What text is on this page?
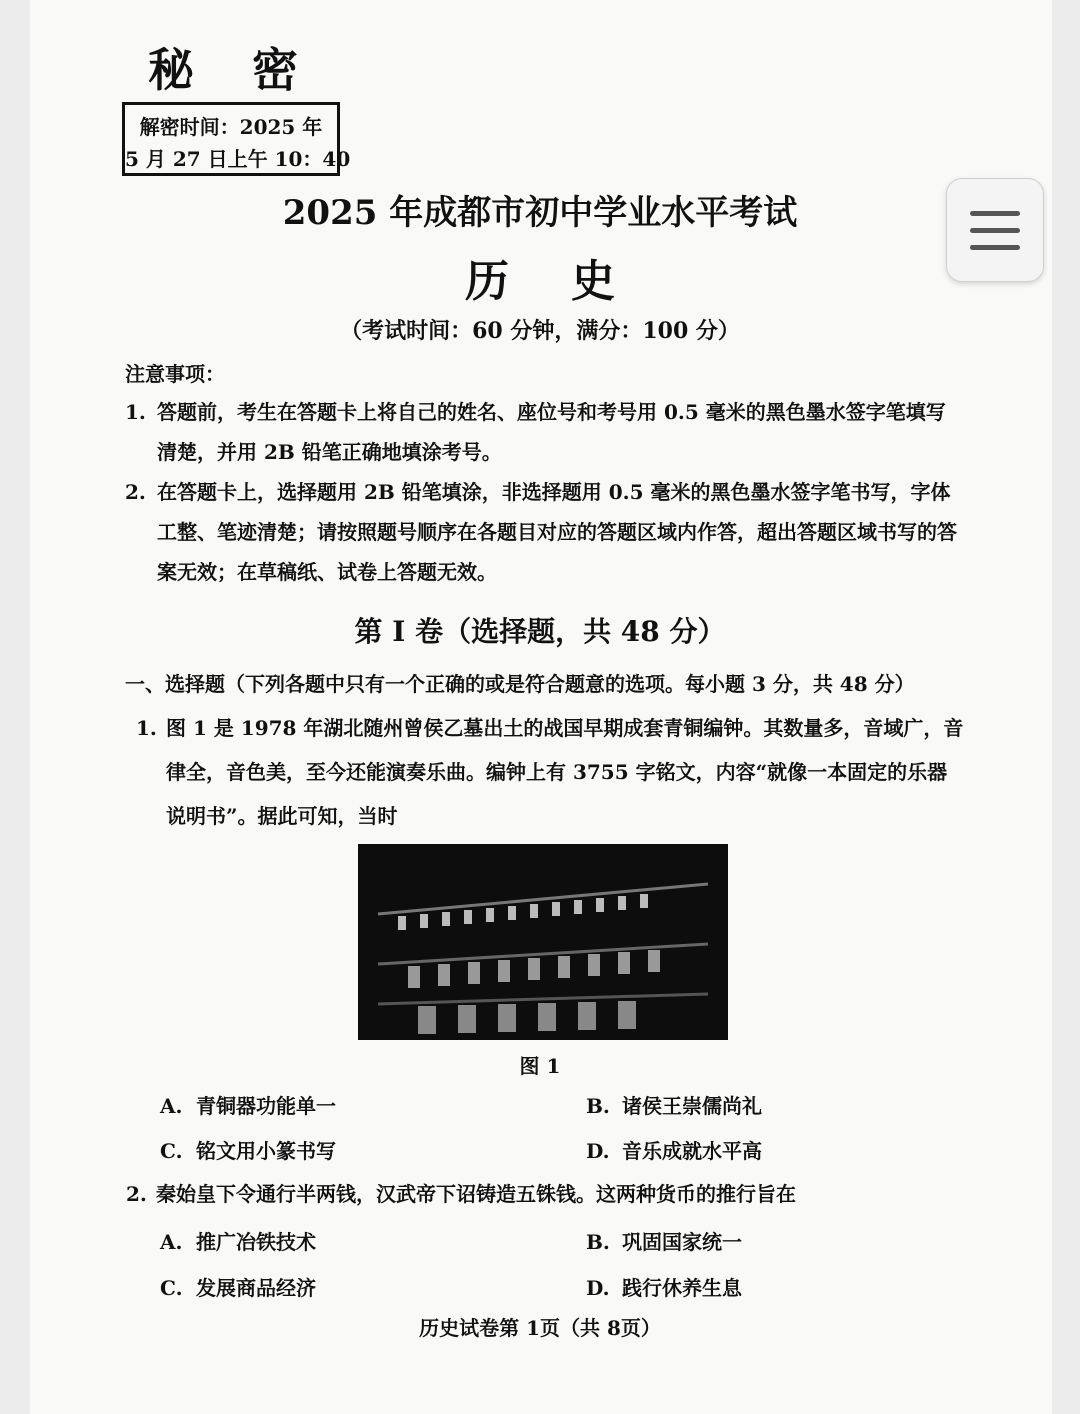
秘密
解密时间：2025 年
5 月 27 日上午 10：40
2025 年成都市初中学业水平考试
历史
（考试时间：60 分钟，满分：100 分）
注意事项：
1. 答题前，考生在答题卡上将自己的姓名、座位号和考号用 0.5 毫米的黑色墨水签字笔填写清楚，并用 2B 铅笔正确地填涂考号。
2. 在答题卡上，选择题用 2B 铅笔填涂，非选择题用 0.5 毫米的黑色墨水签字笔书写，字体工整、笔迹清楚；请按照题号顺序在各题目对应的答题区域内作答，超出答题区域书写的答案无效；在草稿纸、试卷上答题无效。
第 I 卷（选择题，共 48 分）
一、选择题（下列各题中只有一个正确的或是符合题意的选项。每小题 3 分，共 48 分）
1. 图 1 是 1978 年湖北随州曾侯乙墓出土的战国早期成套青铜编钟。其数量多，音域广，音律全，音色美，至今还能演奏乐曲。编钟上有 3755 字铭文，内容“就像一本固定的乐器说明书”。据此可知，当时
图 1
A. 青铜器功能单一	B. 诸侯王崇儒尚礼
C. 铭文用小篆书写	D. 音乐成就水平高
2. 秦始皇下令通行半两钱，汉武帝下诏铸造五铢钱。这两种货币的推行旨在
A. 推广冶铁技术	B. 巩固国家统一
C. 发展商品经济	D. 践行休养生息
历史试卷第 1页（共 8页）
